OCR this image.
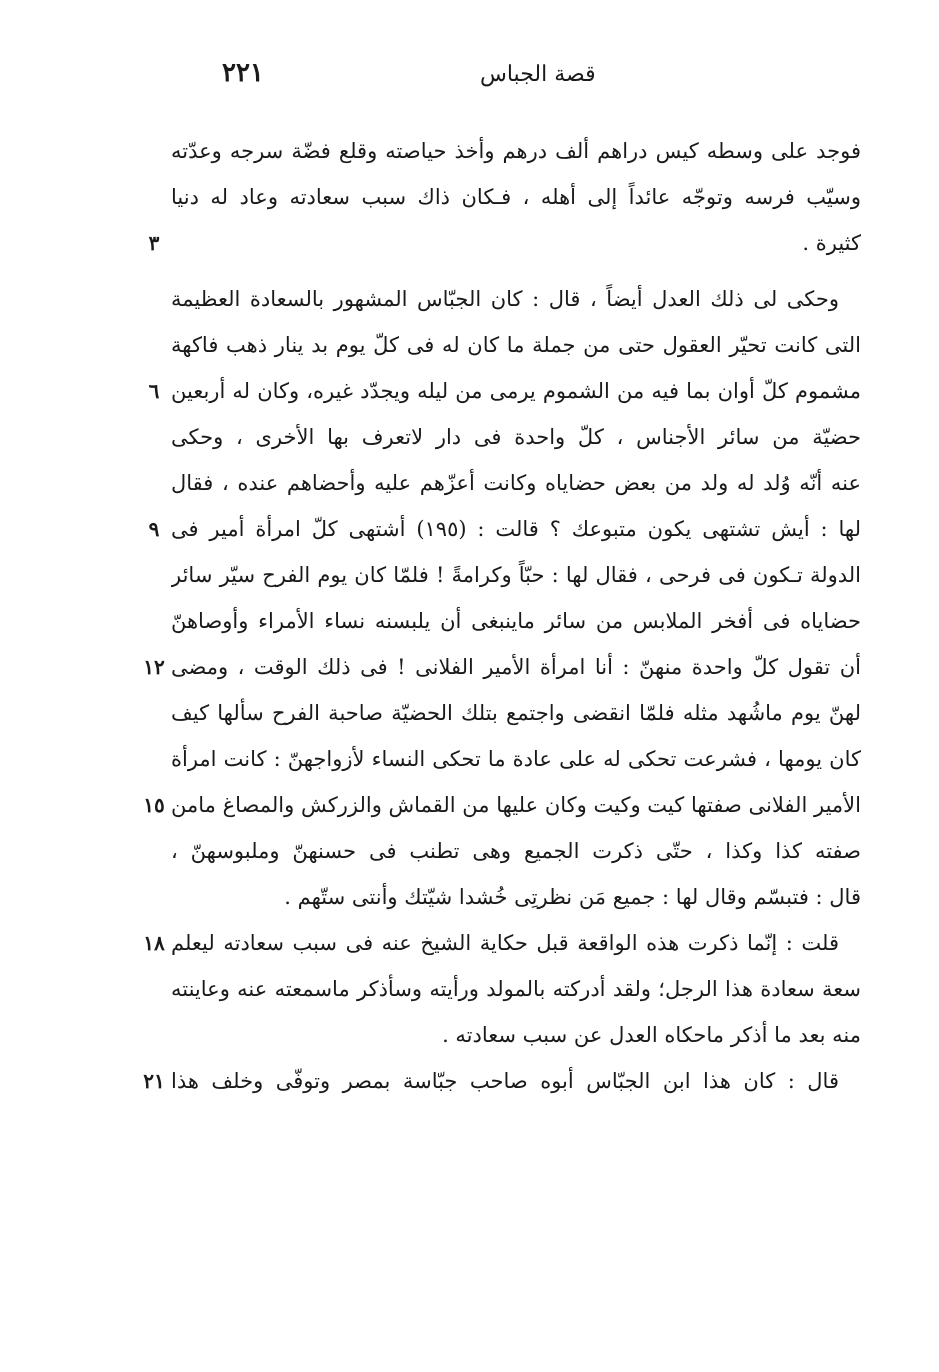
٢٢١	قصة الجباس
فوجد على وسطه كيس دراهم ألف درهم وأخذ حياصته وقلع فضّة سرجه وعدّته
وسيّب فرسه وتوجّه عائداً إلى أهله ، فـكان ذاك سبب سعادته وعاد له دنيا
كثيرة .
٣
وحكى لى ذلك العدل أيضاً ، قال : كان الجبّاس المشهور بالسعادة العظيمة
التى كانت تحيّر العقول حتى من جملة ما كان له فى كلّ يوم بد ينار ذهب فاكهة
مشموم كلّ أوان بما فيه من الشموم يرمى من ليله ويجدّد غيره، وكان له أربعين
٦
حضيّة من سائر الأجناس ، كلّ واحدة فى دار لاتعرف بها الأخرى ، وحكى
عنه أنّه وُلد له ولد من بعض حضاياه وكانت أعزّهم عليه وأحضاهم عنده ، فقال
لها : أيش تشتهى يكون متبوعك ؟ قالت : (١٩٥) أشتهى كلّ امرأة أمير فى
٩
الدولة تـكون فى فرحى ، فقال لها : حبّاً وكرامةً ! فلمّا كان يوم الفرح سيّر سائر
حضاياه فى أفخر الملابس من سائر ماينبغى أن يلبسنه نساء الأمراء وأوصاهنّ
أن تقول كلّ واحدة منهنّ : أنا امرأة الأمير الفلانى ! فى ذلك الوقت ، ومضى
١٢
لهنّ يوم ماشُهد مثله فلمّا انقضى واجتمع بتلك الحضيّة صاحبة الفرح سألها كيف
كان يومها ، فشرعت تحكى له على عادة ما تحكى النساء لأزواجهنّ : كانت امرأة
الأمير الفلانى صفتها كيت وكيت وكان عليها من القماش والزركش والمصاغ مامن
١٥
صفته كذا وكذا ، حتّى ذكرت الجميع وهى تطنب فى حسنهنّ وملبوسهنّ ،
قال : فتبسّم وقال لها : جميع مَن نظرتِى خُشدا شيّتك وأنتى ستّهم .
قلت : إنّما ذكرت هذه الواقعة قبل حكاية الشيخ عنه فى سبب سعادته ليعلم
١٨
سعة سعادة هذا الرجل؛ ولقد أدركته بالمولد ورأيته وسأذكر ماسمعته عنه وعاينته
منه بعد ما أذكر ماحكاه العدل عن سبب سعادته .
قال : كان هذا ابن الجبّاس أبوه صاحب جبّاسة بمصر وتوفّى وخلف هذا
٢١
